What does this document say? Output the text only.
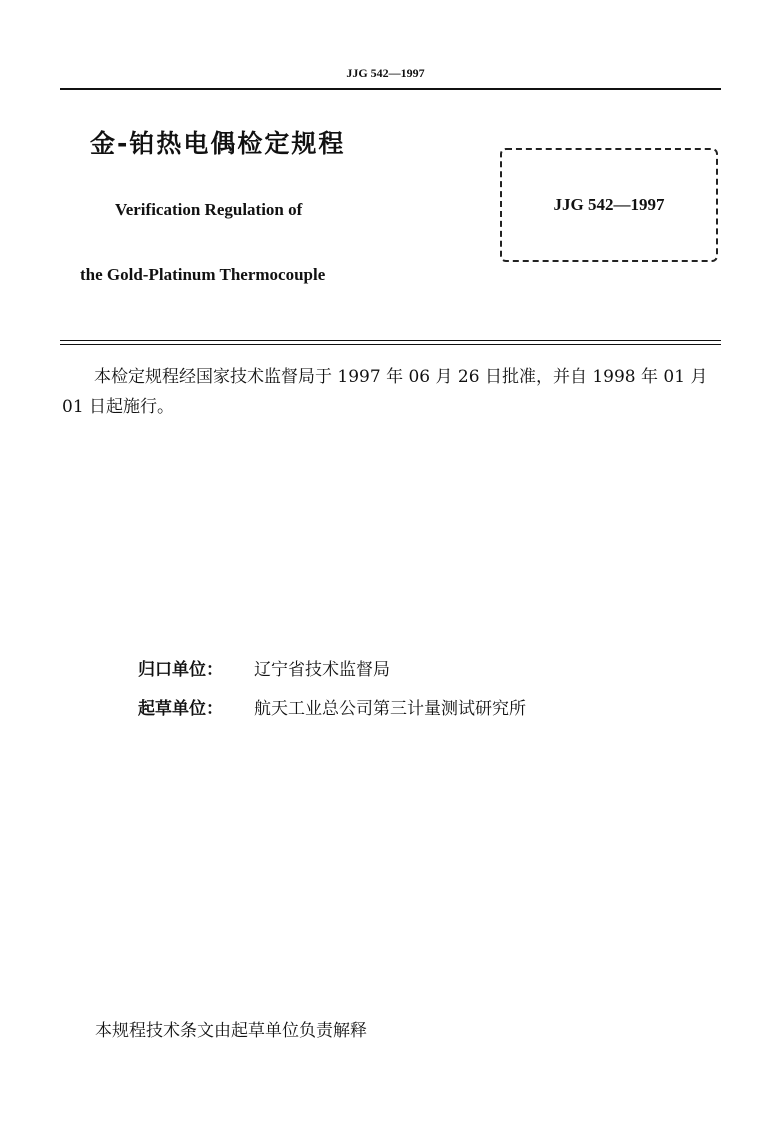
JJG 542—1997
金-铂热电偶检定规程
Verification Regulation of
the Gold-Platinum Thermocouple
JJG 542—1997
本检定规程经国家技术监督局于 1997 年 06 月 26 日批准，并自 1998 年 01 月 01 日起施行。
归口单位： 辽宁省技术监督局
起草单位： 航天工业总公司第三计量测试研究所
本规程技术条文由起草单位负责解释
